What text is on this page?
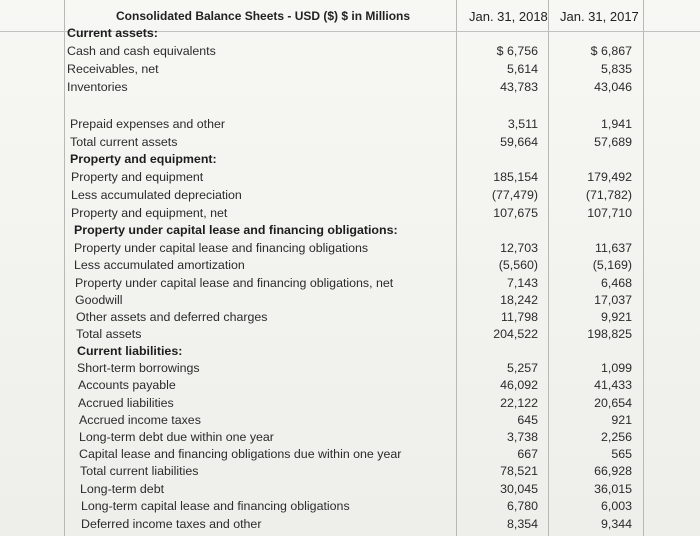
Consolidated Balance Sheets - USD ($) $ in Millions	Jan. 31, 2018 Jan. 31, 2017
Current assets:
Cash and cash equivalents	$ 6,756	$ 6,867
Receivables, net	5,614	5,835
Inventories	43,783	43,046
Prepaid expenses and other	3,511	1,941
Total current assets	59,664	57,689
Property and equipment:
Property and equipment	185,154	179,492
Less accumulated depreciation	(77,479)	(71,782)
Property and equipment, net	107,675	107,710
Property under capital lease and financing obligations:
Property under capital lease and financing obligations	12,703	11,637
Less accumulated amortization	(5,560)	(5,169)
Property under capital lease and financing obligations, net	7,143	6,468
Goodwill	18,242	17,037
Other assets and deferred charges	11,798	9,921
Total assets	204,522	198,825
Current liabilities:
Short-term borrowings	5,257	1,099
Accounts payable	46,092	41,433
Accrued liabilities	22,122	20,654
Accrued income taxes	645	921
Long-term debt due within one year	3,738	2,256
Capital lease and financing obligations due within one year	667	565
Total current liabilities	78,521	66,928
Long-term debt	30,045	36,015
Long-term capital lease and financing obligations	6,780	6,003
Deferred income taxes and other	8,354	9,344
